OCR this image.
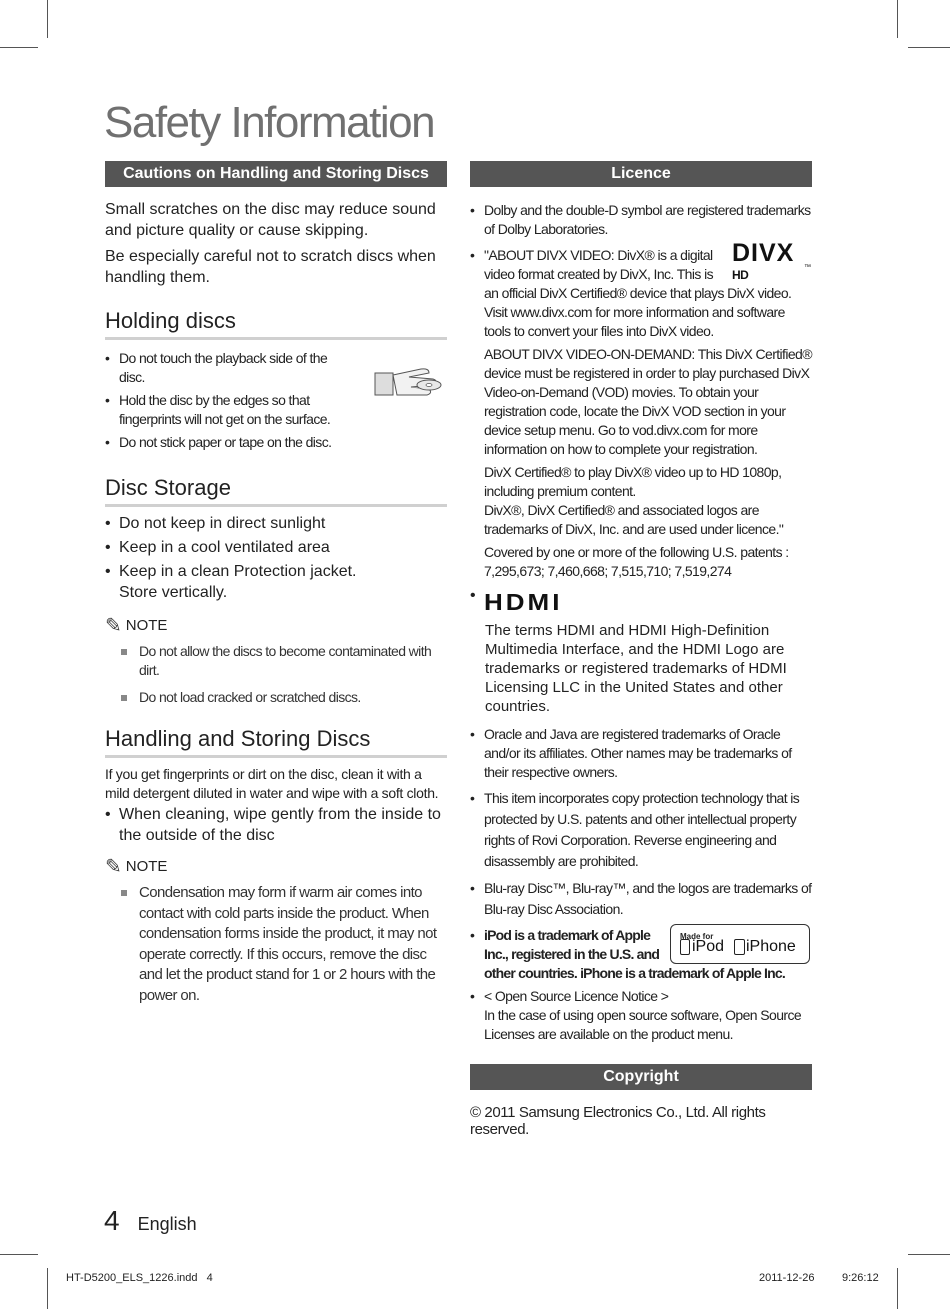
Safety Information
Cautions on Handling and Storing Discs

Small scratches on the disc may reduce sound and picture quality or cause skipping.

Be especially careful not to scratch discs when handling them.

Holding discs
• Do not touch the playback side of the disc.
• Hold the disc by the edges so that fingerprints will not get on the surface.
• Do not stick paper or tape on the disc.
Disc Storage
• Do not keep in direct sunlight
• Keep in a cool ventilated area
• Keep in a clean Protection jacket. Store vertically.
✎ NOTE
Do not allow the discs to become contaminated with dirt.
Do not load cracked or scratched discs.
Handling and Storing Discs

If you get fingerprints or dirt on the disc, clean it with a mild detergent diluted in water and wipe with a soft cloth.

• When cleaning, wipe gently from the inside to the outside of the disc
✎ NOTE
Condensation may form if warm air comes into contact with cold parts inside the product. When condensation forms inside the product, it may not operate correctly. If this occurs, remove the disc and let the product stand for 1 or 2 hours with the power on.
Licence
• Dolby and the double-D symbol are registered trademarks of Dolby Laboratories.
• DIVX
™
HD

"ABOUT DIVX VIDEO: DivX® is a digital video format created by DivX, Inc. This is an official DivX Certified® device that plays DivX video. Visit www.divx.com for more information and software tools to convert your files into DivX video.

ABOUT DIVX VIDEO-ON-DEMAND: This DivX Certified® device must be registered in order to play purchased DivX Video-on-Demand (VOD) movies. To obtain your registration code, locate the DivX VOD section in your device setup menu. Go to vod.divx.com for more information on how to complete your registration.

DivX Certified® to play DivX® video up to HD 1080p, including premium content.

DivX®, DivX Certified® and associated logos are trademarks of DivX, Inc. and are used under licence."

Covered by one or more of the following U.S. patents : 7,295,673; 7,460,668; 7,515,710; 7,519,274

• HDMI

The terms HDMI and HDMI High-Definition Multimedia Interface, and the HDMI Logo are trademarks or registered trademarks of HDMI Licensing LLC in the United States and other countries.

• Oracle and Java are registered trademarks of Oracle and/or its affiliates. Other names may be trademarks of their respective owners.
• This item incorporates copy protection technology that is protected by U.S. patents and other intellectual property rights of Rovi Corporation. Reverse engineering and disassembly are prohibited.
• Blu-ray Disc™, Blu-ray™, and the logos are trademarks of Blu-ray Disc Association.
• Made for
iPod iPhone

iPod is a trademark of Apple Inc., registered in the U.S. and other countries. iPhone is a trademark of Apple Inc.

• < Open Source Licence Notice >

In the case of using open source software, Open Source Licenses are available on the product menu.

Copyright

© 2011 Samsung Electronics Co., Ltd. All rights reserved.

4 English
HT-D5200_ELS_1226.indd   4	2011-12-26	9:26:12
